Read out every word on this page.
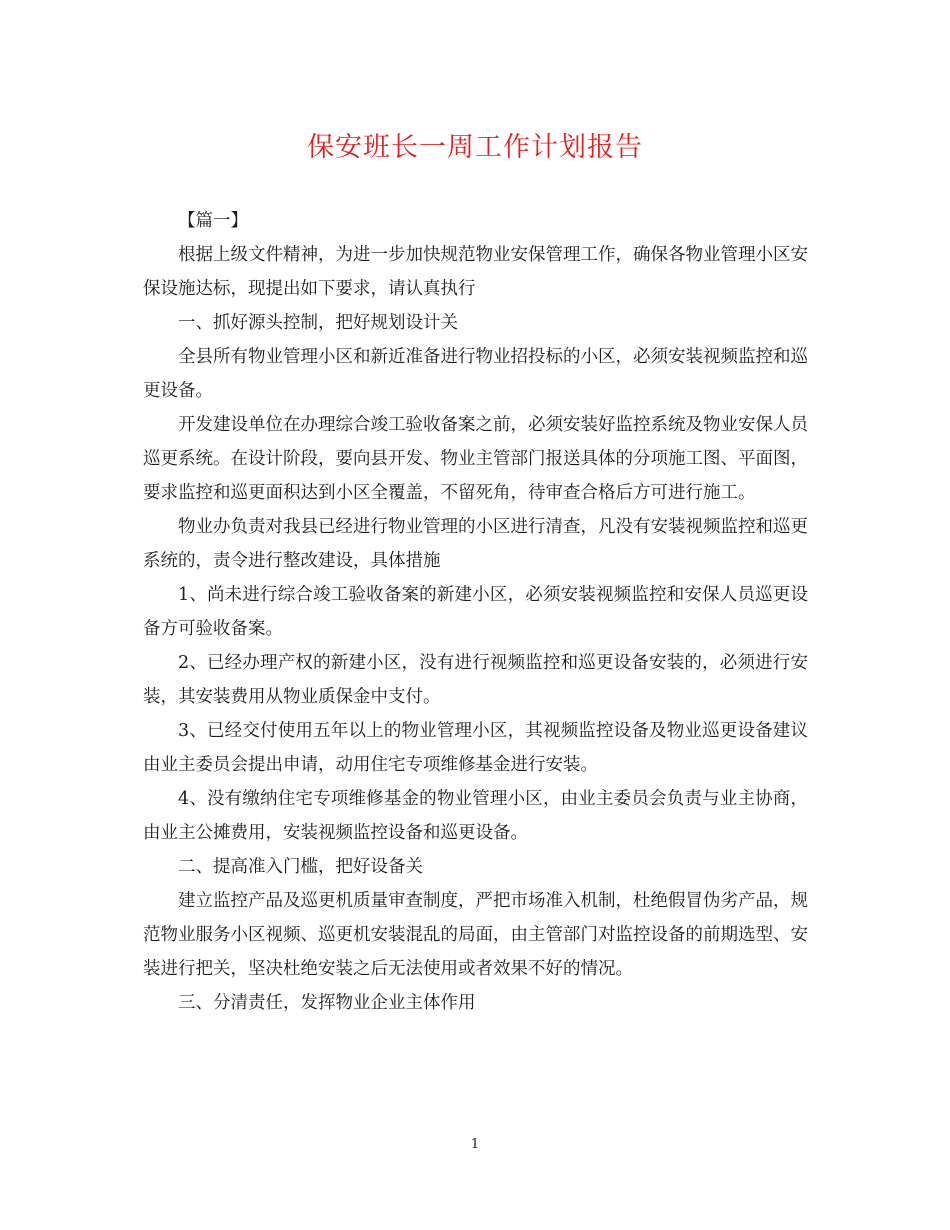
保安班长一周工作计划报告

【篇一】

根据上级文件精神，为进一步加快规范物业安保管理工作，确保各物业管理小区安保设施达标，现提出如下要求，请认真执行

一、抓好源头控制，把好规划设计关

全县所有物业管理小区和新近准备进行物业招投标的小区，必须安装视频监控和巡更设备。

开发建设单位在办理综合竣工验收备案之前，必须安装好监控系统及物业安保人员巡更系统。在设计阶段，要向县开发、物业主管部门报送具体的分项施工图、平面图，要求监控和巡更面积达到小区全覆盖，不留死角，待审查合格后方可进行施工。

物业办负责对我县已经进行物业管理的小区进行清查，凡没有安装视频监控和巡更系统的，责令进行整改建设，具体措施

1、尚未进行综合竣工验收备案的新建小区，必须安装视频监控和安保人员巡更设备方可验收备案。

2、已经办理产权的新建小区，没有进行视频监控和巡更设备安装的，必须进行安装，其安装费用从物业质保金中支付。

3、已经交付使用五年以上的物业管理小区，其视频监控设备及物业巡更设备建议由业主委员会提出申请，动用住宅专项维修基金进行安装。

4、没有缴纳住宅专项维修基金的物业管理小区，由业主委员会负责与业主协商，由业主公摊费用，安装视频监控设备和巡更设备。

二、提高准入门槛，把好设备关

建立监控产品及巡更机质量审查制度，严把市场准入机制，杜绝假冒伪劣产品，规范物业服务小区视频、巡更机安装混乱的局面，由主管部门对监控设备的前期选型、安装进行把关，坚决杜绝安装之后无法使用或者效果不好的情况。

三、分清责任，发挥物业企业主体作用

1
